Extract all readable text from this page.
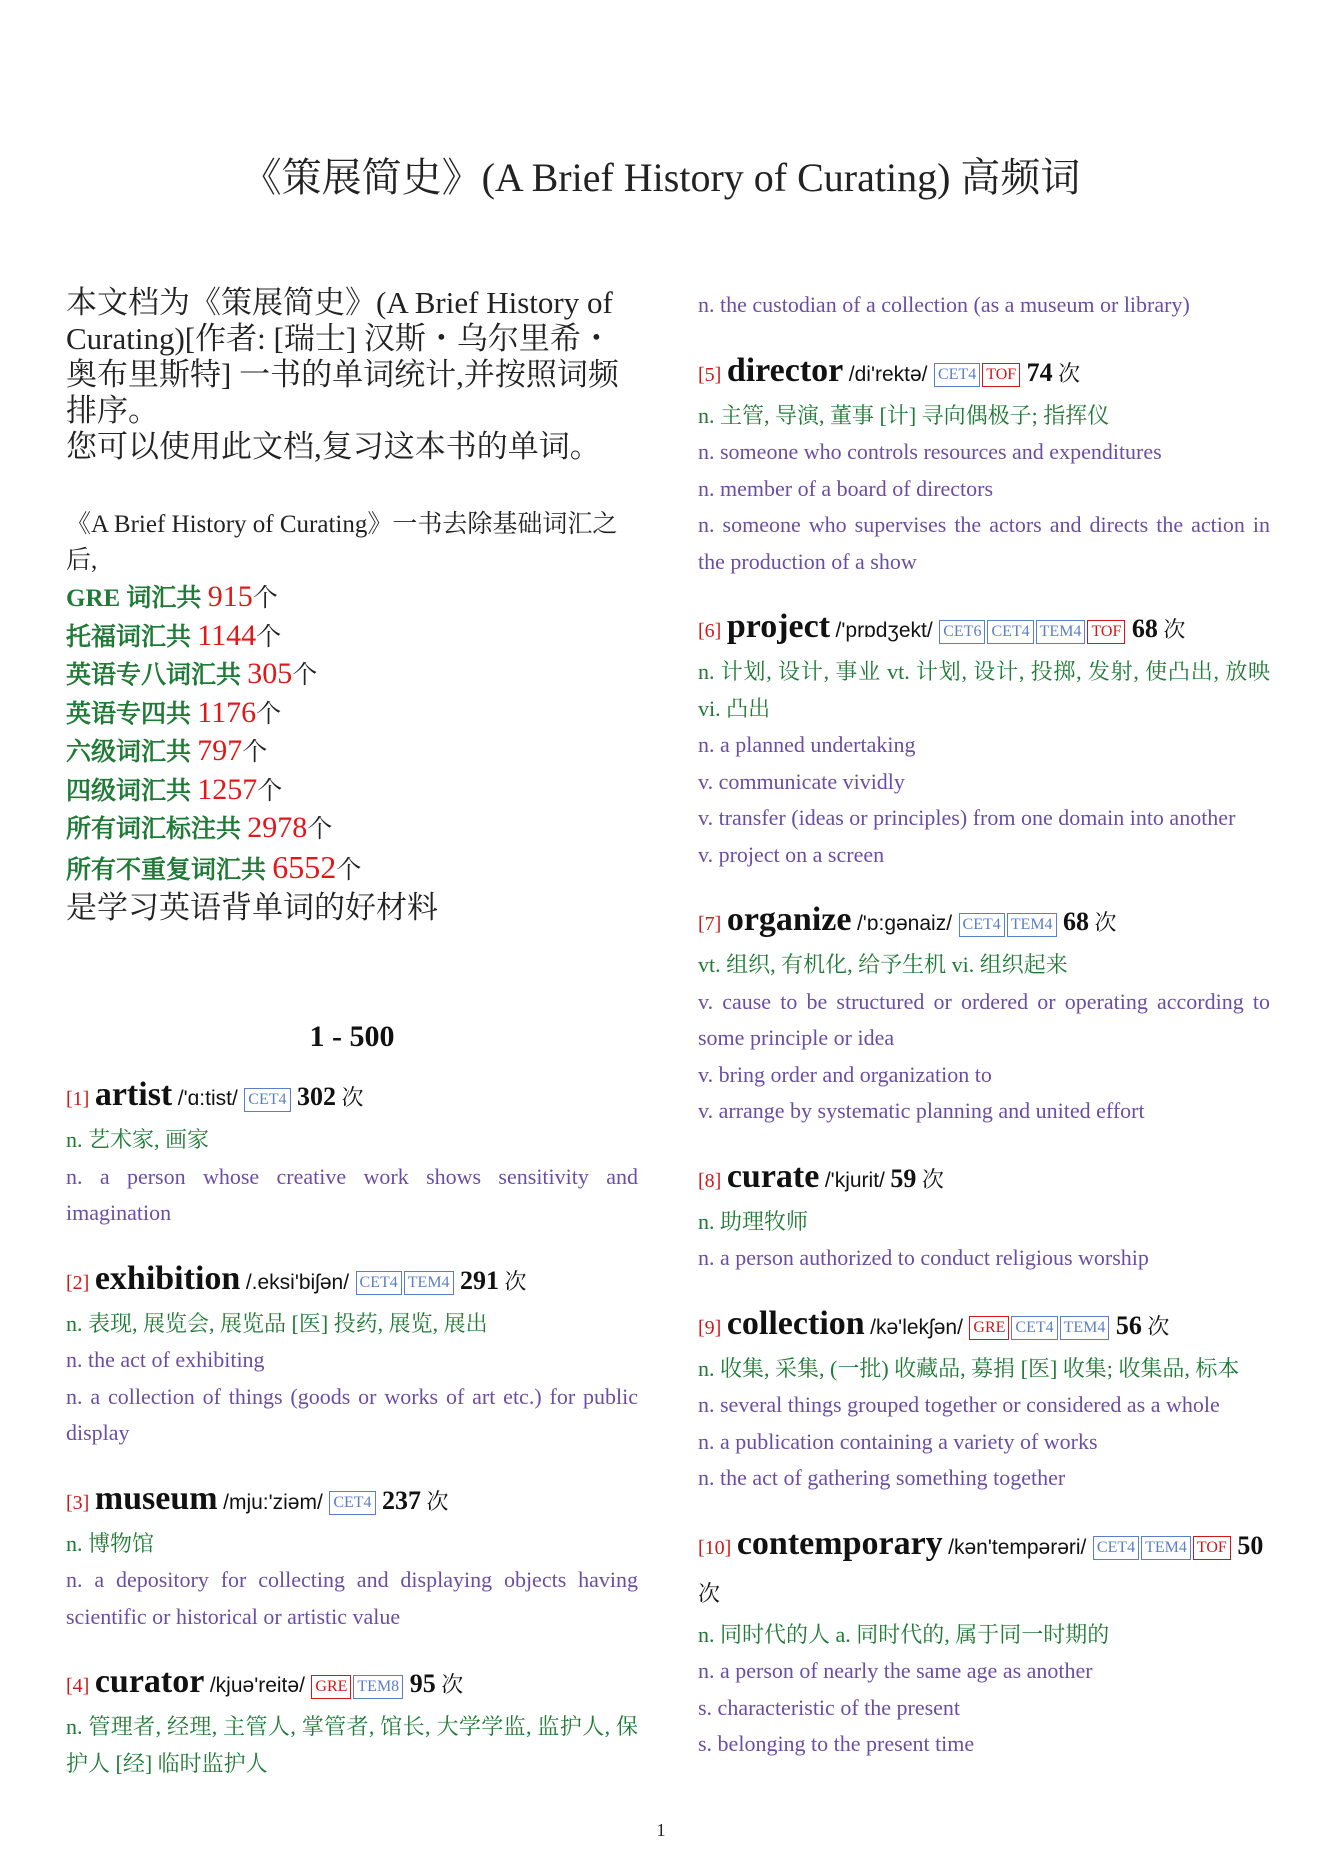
《策展简史》(A Brief History of Curating) 高频词

本文档为《策展简史》(A Brief History of Curating)[作者: [瑞士] 汉斯・乌尔里希・奥布里斯特] 一书的单词统计,并按照词频排序。

您可以使用此文档,复习这本书的单词。

《A Brief History of Curating》一书去除基础词汇之后,
GRE 词汇共 915个
托福词汇共 1144个
英语专八词汇共 305个
英语专四共 1176个
六级词汇共 797个
四级词汇共 1257个
所有词汇标注共 2978个
所有不重复词汇共 6552个
是学习英语背单词的好材料
1 - 500
[1] artist /'ɑ:tist/ CET4 302 次
n. 艺术家, 画家
n. a person whose creative work shows sensitivity and imagination
[2] exhibition /.eksi'biʃən/ CET4 TEM4 291 次
n. 表现, 展览会, 展览品 [医] 投药, 展览, 展出
n. the act of exhibiting
n. a collection of things (goods or works of art etc.) for public display
[3] museum /mju:'ziəm/ CET4 237 次
n. 博物馆
n. a depository for collecting and displaying objects having scientific or historical or artistic value
[4] curator /kjuə'reitə/ GRE TEM8 95 次
n. 管理者, 经理, 主管人, 掌管者, 馆长, 大学学监, 监护人, 保护人 [经] 临时监护人
n. the custodian of a collection (as a museum or library)
[5] director /di'rektə/ CET4 TOF 74 次
n. 主管, 导演, 董事 [计] 寻向偶极子; 指挥仪
n. someone who controls resources and expenditures
n. member of a board of directors
n. someone who supervises the actors and directs the action in the production of a show
[6] project /'prɒdʒekt/ CET6 CET4 TEM4 TOF 68 次
n. 计划, 设计, 事业 vt. 计划, 设计, 投掷, 发射, 使凸出, 放映 vi. 凸出
n. a planned undertaking
v. communicate vividly
v. transfer (ideas or principles) from one domain into another
v. project on a screen
[7] organize /'ɒ:gənaiz/ CET4 TEM4 68 次
vt. 组织, 有机化, 给予生机 vi. 组织起来
v. cause to be structured or ordered or operating according to some principle or idea
v. bring order and organization to
v. arrange by systematic planning and united effort
[8] curate /'kjurit/ 59 次
n. 助理牧师
n. a person authorized to conduct religious worship
[9] collection /kə'lekʃən/ GRE CET4 TEM4 56 次
n. 收集, 采集, (一批) 收藏品, 募捐 [医] 收集; 收集品, 标本
n. several things grouped together or considered as a whole
n. a publication containing a variety of works
n. the act of gathering something together
[10] contemporary /kən'tempərəri/ CET4 TEM4 TOF 50 次
n. 同时代的人 a. 同时代的, 属于同一时期的
n. a person of nearly the same age as another
s. characteristic of the present
s. belonging to the present time
1
